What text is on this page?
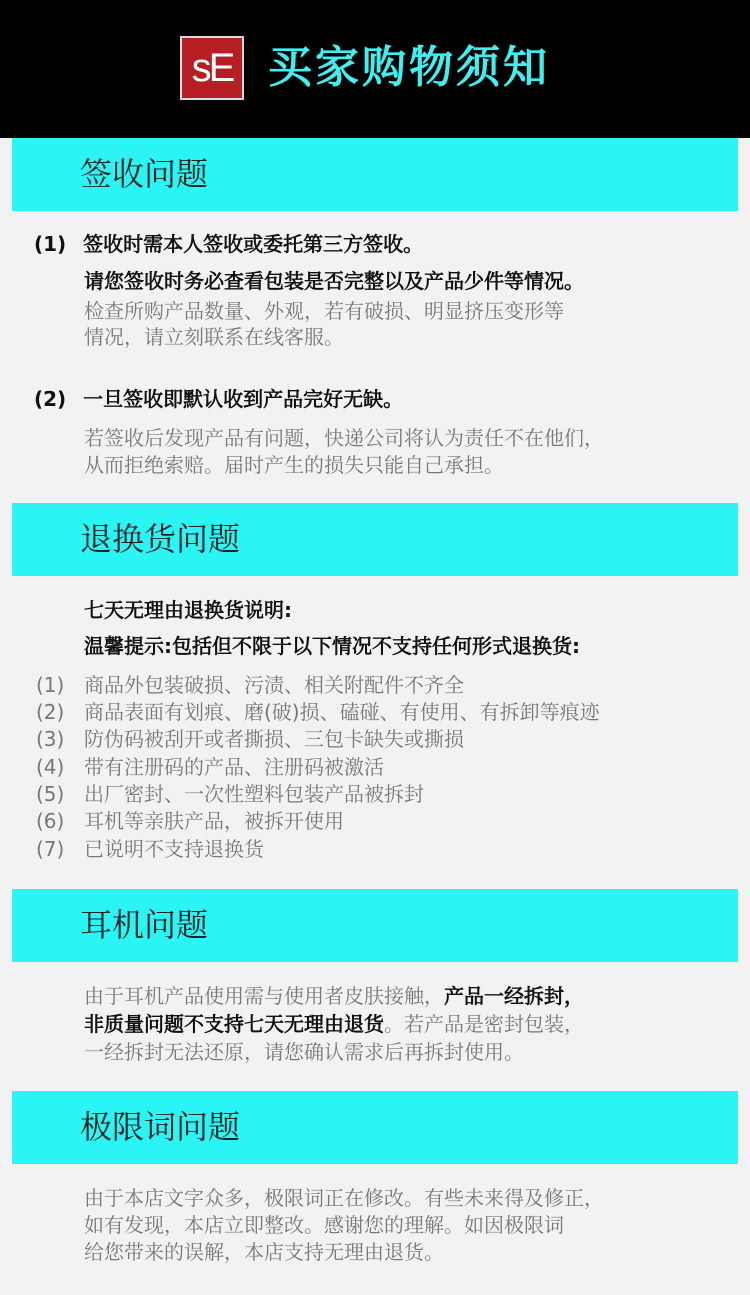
sE 买家购物须知
签收问题
(1) 签收时需本人签收或委托第三方签收。
请您签收时务必查看包装是否完整以及产品少件等情况。
检查所购产品数量、外观，若有破损、明显挤压变形等
情况，请立刻联系在线客服。
(2) 一旦签收即默认收到产品完好无缺。
若签收后发现产品有问题，快递公司将认为责任不在他们，
从而拒绝索赔。届时产生的损失只能自己承担。
退换货问题
七天无理由退换货说明:
温馨提示:包括但不限于以下情况不支持任何形式退换货:
(1) 商品外包装破损、污渍、相关附配件不齐全
(2) 商品表面有划痕、磨(破)损、磕碰、有使用、有拆卸等痕迹
(3) 防伪码被刮开或者撕损、三包卡缺失或撕损
(4) 带有注册码的产品、注册码被激活
(5) 出厂密封、一次性塑料包装产品被拆封
(6) 耳机等亲肤产品，被拆开使用
(7) 已说明不支持退换货
耳机问题
由于耳机产品使用需与使用者皮肤接触，产品一经拆封，
非质量问题不支持七天无理由退货。若产品是密封包装，
一经拆封无法还原，请您确认需求后再拆封使用。
极限词问题
由于本店文字众多，极限词正在修改。有些未来得及修正，
如有发现，本店立即整改。感谢您的理解。如因极限词
给您带来的误解，本店支持无理由退货。
